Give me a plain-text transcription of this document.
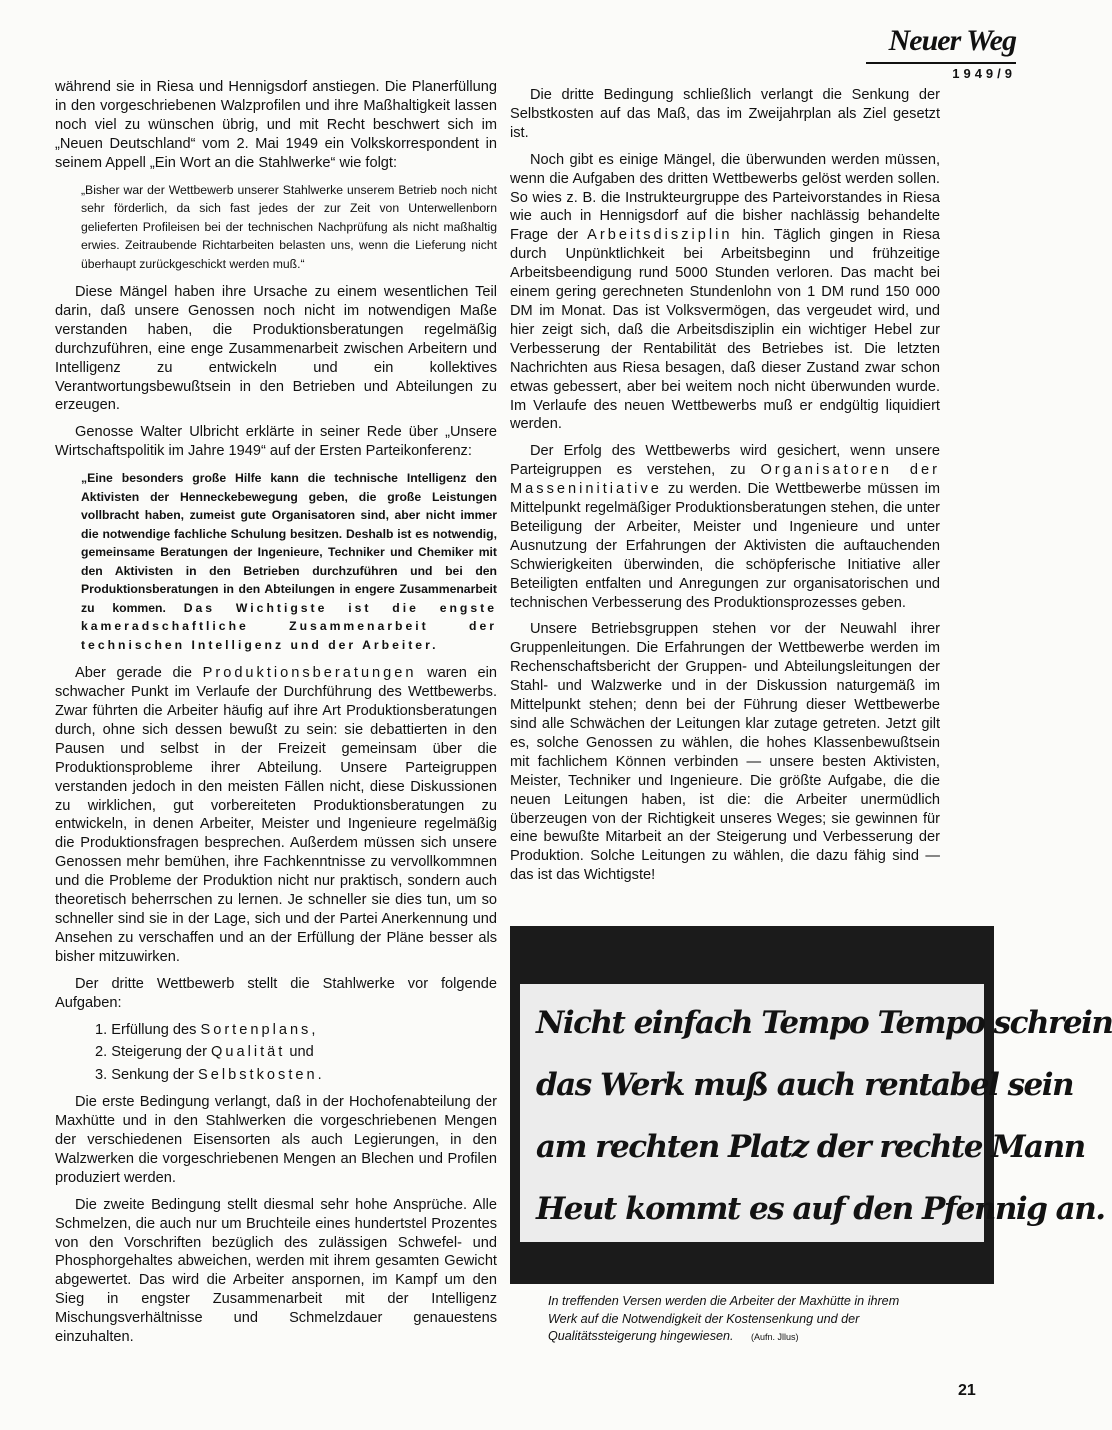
Neuer Weg
1949/9

während sie in Riesa und Hennigsdorf anstiegen. Die Planerfüllung in den vorgeschriebenen Walzprofilen und ihre Maßhaltigkeit lassen noch viel zu wünschen übrig, und mit Recht beschwert sich im „Neuen Deutschland“ vom 2. Mai 1949 ein Volkskorrespondent in seinem Appell „Ein Wort an die Stahlwerke“ wie folgt:

„Bisher war der Wettbewerb unserer Stahlwerke unserem Betrieb noch nicht sehr förderlich, da sich fast jedes der zur Zeit von Unterwellenborn gelieferten Profileisen bei der technischen Nachprüfung als nicht maßhaltig erwies. Zeitraubende Richtarbeiten belasten uns, wenn die Lieferung nicht überhaupt zurückgeschickt werden muß.“

Diese Mängel haben ihre Ursache zu einem wesentlichen Teil darin, daß unsere Genossen noch nicht im notwendigen Maße verstanden haben, die Produktionsberatungen regelmäßig durchzuführen, eine enge Zusammenarbeit zwischen Arbeitern und Intelligenz zu entwickeln und ein kollektives Verantwortungsbewußtsein in den Betrieben und Abteilungen zu erzeugen.

Genosse Walter Ulbricht erklärte in seiner Rede über „Unsere Wirtschaftspolitik im Jahre 1949“ auf der Ersten Parteikonferenz:

„Eine besonders große Hilfe kann die technische Intelligenz den Aktivisten der Henneckebewegung geben, die große Leistungen vollbracht haben, zumeist gute Organisatoren sind, aber nicht immer die notwendige fachliche Schulung besitzen. Deshalb ist es notwendig, gemeinsame Beratungen der Ingenieure, Techniker und Chemiker mit den Aktivisten in den Betrieben durchzuführen und bei den Produktionsberatungen in den Abteilungen in engere Zusammenarbeit zu kommen. Das Wichtigste ist die engste kameradschaftliche Zusammenarbeit der technischen Intelligenz und der Arbeiter.

Aber gerade die Produktionsberatungen waren ein schwacher Punkt im Verlaufe der Durchführung des Wettbewerbs. Zwar führten die Arbeiter häufig auf ihre Art Produktionsberatungen durch, ohne sich dessen bewußt zu sein: sie debattierten in den Pausen und selbst in der Freizeit gemeinsam über die Produktionsprobleme ihrer Abteilung. Unsere Parteigruppen verstanden jedoch in den meisten Fällen nicht, diese Diskussionen zu wirklichen, gut vorbereiteten Produktionsberatungen zu entwickeln, in denen Arbeiter, Meister und Ingenieure regelmäßig die Produktionsfragen besprechen. Außerdem müssen sich unsere Genossen mehr bemühen, ihre Fachkenntnisse zu vervollkommnen und die Probleme der Produktion nicht nur praktisch, sondern auch theoretisch beherrschen zu lernen. Je schneller sie dies tun, um so schneller sind sie in der Lage, sich und der Partei Anerkennung und Ansehen zu verschaffen und an der Erfüllung der Pläne besser als bisher mitzuwirken.

Der dritte Wettbewerb stellt die Stahlwerke vor folgende Aufgaben:

1. Erfüllung des Sortenplans,
2. Steigerung der Qualität und
3. Senkung der Selbstkosten.

Die erste Bedingung verlangt, daß in der Hochofenabteilung der Maxhütte und in den Stahlwerken die vorgeschriebenen Mengen der verschiedenen Eisensorten als auch Legierungen, in den Walzwerken die vorgeschriebenen Mengen an Blechen und Profilen produziert werden.

Die zweite Bedingung stellt diesmal sehr hohe Ansprüche. Alle Schmelzen, die auch nur um Bruchteile eines hundertstel Prozentes von den Vorschriften bezüglich des zulässigen Schwefel- und Phosphorgehaltes abweichen, werden mit ihrem gesamten Gewicht abgewertet. Das wird die Arbeiter anspornen, im Kampf um den Sieg in engster Zusammenarbeit mit der Intelligenz Mischungsverhältnisse und Schmelzdauer genauestens einzuhalten.

Die dritte Bedingung schließlich verlangt die Senkung der Selbstkosten auf das Maß, das im Zweijahrplan als Ziel gesetzt ist.

Noch gibt es einige Mängel, die überwunden werden müssen, wenn die Aufgaben des dritten Wettbewerbs gelöst werden sollen. So wies z. B. die Instrukteurgruppe des Parteivorstandes in Riesa wie auch in Hennigsdorf auf die bisher nachlässig behandelte Frage der Arbeitsdisziplin hin. Täglich gingen in Riesa durch Unpünktlichkeit bei Arbeitsbeginn und frühzeitige Arbeitsbeendigung rund 5000 Stunden verloren. Das macht bei einem gering gerechneten Stundenlohn von 1 DM rund 150 000 DM im Monat. Das ist Volksvermögen, das vergeudet wird, und hier zeigt sich, daß die Arbeitsdisziplin ein wichtiger Hebel zur Verbesserung der Rentabilität des Betriebes ist. Die letzten Nachrichten aus Riesa besagen, daß dieser Zustand zwar schon etwas gebessert, aber bei weitem noch nicht überwunden wurde. Im Verlaufe des neuen Wettbewerbs muß er endgültig liquidiert werden.

Der Erfolg des Wettbewerbs wird gesichert, wenn unsere Parteigruppen es verstehen, zu Organisatoren der Masseninitiative zu werden. Die Wettbewerbe müssen im Mittelpunkt regelmäßiger Produktionsberatungen stehen, die unter Beteiligung der Arbeiter, Meister und Ingenieure und unter Ausnutzung der Erfahrungen der Aktivisten die auftauchenden Schwierigkeiten überwinden, die schöpferische Initiative aller Beteiligten entfalten und Anregungen zur organisatorischen und technischen Verbesserung des Produktionsprozesses geben.

Unsere Betriebsgruppen stehen vor der Neuwahl ihrer Gruppenleitungen. Die Erfahrungen der Wettbewerbe werden im Rechenschaftsbericht der Gruppen- und Abteilungsleitungen der Stahl- und Walzwerke und in der Diskussion naturgemäß im Mittelpunkt stehen; denn bei der Führung dieser Wettbewerbe sind alle Schwächen der Leitungen klar zutage getreten. Jetzt gilt es, solche Genossen zu wählen, die hohes Klassenbewußtsein mit fachlichem Können verbinden — unsere besten Aktivisten, Meister, Techniker und Ingenieure. Die größte Aufgabe, die die neuen Leitungen haben, ist die: die Arbeiter unermüdlich überzeugen von der Richtigkeit unseres Weges; sie gewinnen für eine bewußte Mitarbeit an der Steigerung und Verbesserung der Produktion. Solche Leitungen zu wählen, die dazu fähig sind — das ist das Wichtigste!

Nicht einfach Tempo Tempo schrein
das Werk muß auch rentabel sein
am rechten Platz der rechte Mann
Heut kommt es auf den Pfennig an.
In treffenden Versen werden die Arbeiter der Maxhütte in ihrem Werk auf die Notwendigkeit der Kostensenkung und der Qualitätssteigerung hingewiesen. (Aufn. Jllus)
21
